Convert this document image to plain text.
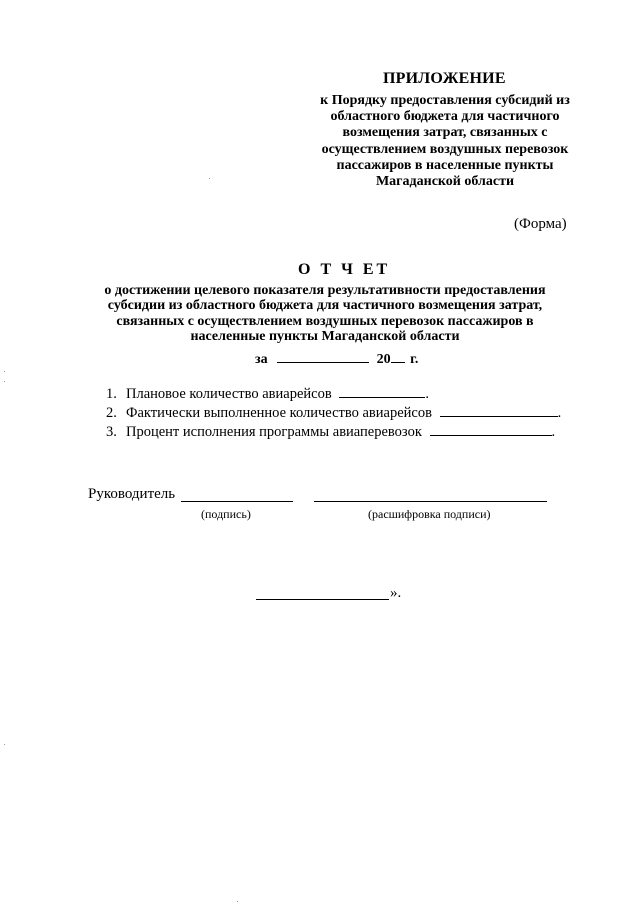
ПРИЛОЖЕНИЕ
к Порядку предоставления субсидий из областного бюджета для частичного возмещения затрат, связанных с осуществлением воздушных перевозок пассажиров в населенные пункты Магаданской области
(Форма)
О Т Ч ЕТ
о достижении целевого показателя результативности предоставления субсидии из областного бюджета для частичного возмещения затрат, связанных с осуществлением воздушных перевозок пассажиров в населенные пункты Магаданской области
за	20 г.
1. Плановое количество авиарейсов	.
2. Фактически выполненное количество авиарейсов	.
3. Процент исполнения программы авиаперевозок	.
Руководитель
(подпись)	(расшифровка подписи)
».
